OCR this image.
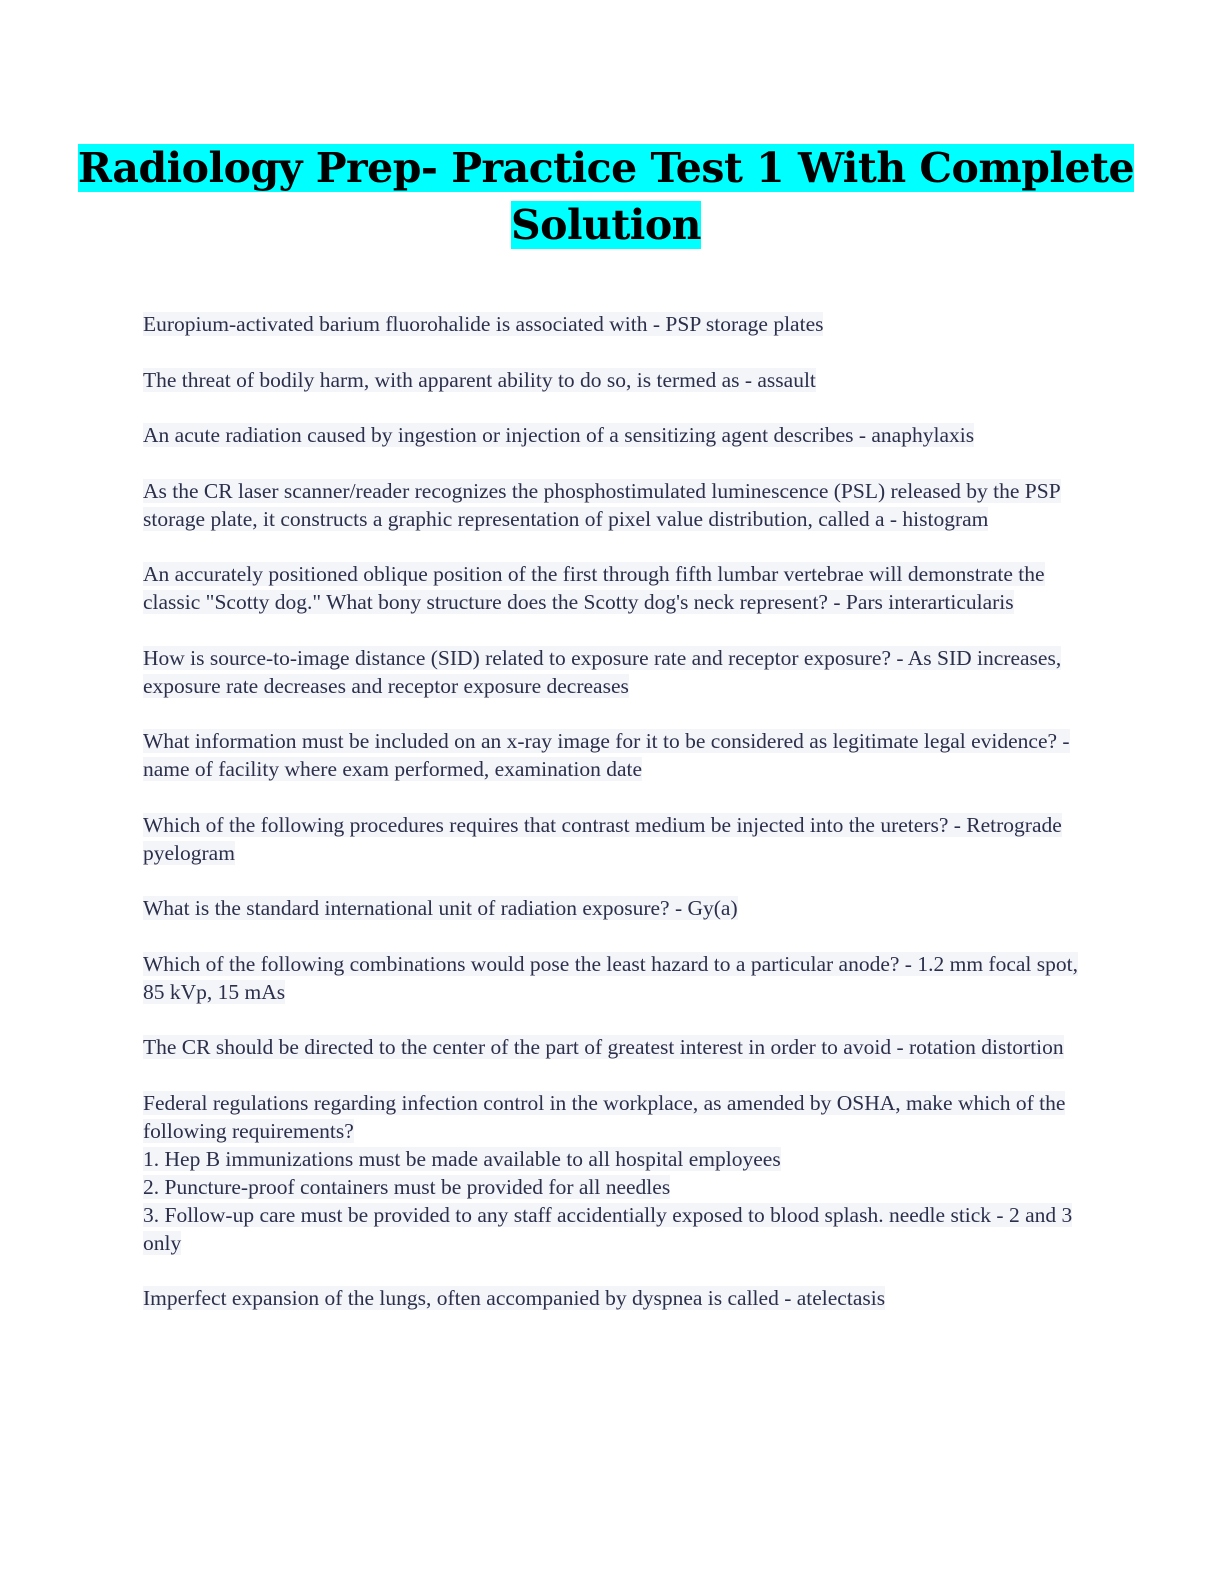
Radiology Prep- Practice Test 1 With Complete Solution
Europium-activated barium fluorohalide is associated with - PSP storage plates
The threat of bodily harm, with apparent ability to do so, is termed as - assault
An acute radiation caused by ingestion or injection of a sensitizing agent describes - anaphylaxis
As the CR laser scanner/reader recognizes the phosphostimulated luminescence (PSL) released by the PSP storage plate, it constructs a graphic representation of pixel value distribution, called a - histogram
An accurately positioned oblique position of the first through fifth lumbar vertebrae will demonstrate the classic "Scotty dog." What bony structure does the Scotty dog's neck represent? - Pars interarticularis
How is source-to-image distance (SID) related to exposure rate and receptor exposure? - As SID increases, exposure rate decreases and receptor exposure decreases
What information must be included on an x-ray image for it to be considered as legitimate legal evidence? - name of facility where exam performed, examination date
Which of the following procedures requires that contrast medium be injected into the ureters? - Retrograde pyelogram
What is the standard international unit of radiation exposure? - Gy(a)
Which of the following combinations would pose the least hazard to a particular anode? - 1.2 mm focal spot, 85 kVp, 15 mAs
The CR should be directed to the center of the part of greatest interest in order to avoid - rotation distortion
Federal regulations regarding infection control in the workplace, as amended by OSHA, make which of the following requirements?
1. Hep B immunizations must be made available to all hospital employees
2. Puncture-proof containers must be provided for all needles
3. Follow-up care must be provided to any staff accidentially exposed to blood splash. needle stick - 2 and 3 only
Imperfect expansion of the lungs, often accompanied by dyspnea is called - atelectasis
